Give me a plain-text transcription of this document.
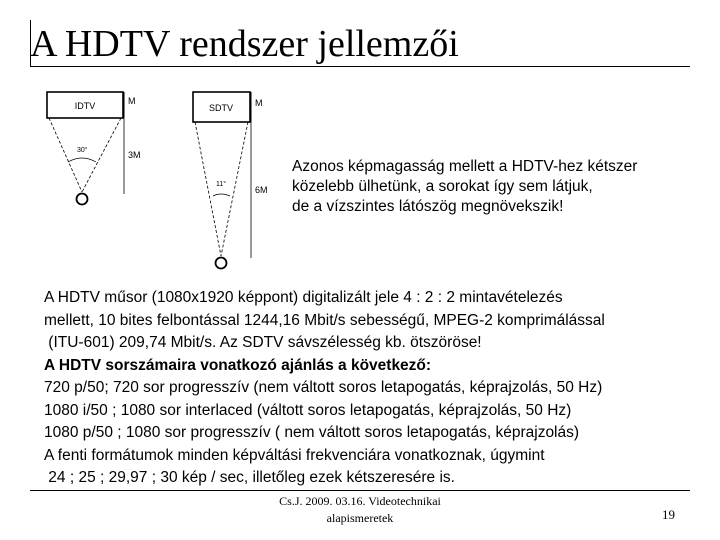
A HDTV rendszer jellemzői
IDTV	M
3M
30°
SDTV M
6M
11°
Azonos képmagasság mellett a HDTV-hez kétszer
közelebb ülhetünk, a sorokat így sem látjuk,
de a vízszintes látószög megnövekszik!
A HDTV műsor (1080x1920 képpont) digitalizált jele 4 : 2 : 2 mintavételezés
mellett, 10 bites felbontással 1244,16 Mbit/s sebességű, MPEG-2 komprimálással
(ITU-601) 209,74 Mbit/s. Az SDTV sávszélesség kb. ötszöröse!
A HDTV sorszámaira vonatkozó ajánlás a következő:
720 p/50; 720 sor progresszív (nem váltott soros letapogatás, képrajzolás, 50 Hz)
1080 i/50 ; 1080 sor interlaced (váltott soros letapogatás, képrajzolás, 50 Hz)
1080 p/50 ; 1080 sor progresszív ( nem váltott soros letapogatás, képrajzolás)
A fenti formátumok minden képváltási frekvenciára vonatkoznak, úgymint
24 ; 25 ; 29,97 ; 30 kép / sec, illetőleg ezek kétszeresére is.
Cs.J. 2009. 03.16. Videotechnikai
alapismeretek	19
